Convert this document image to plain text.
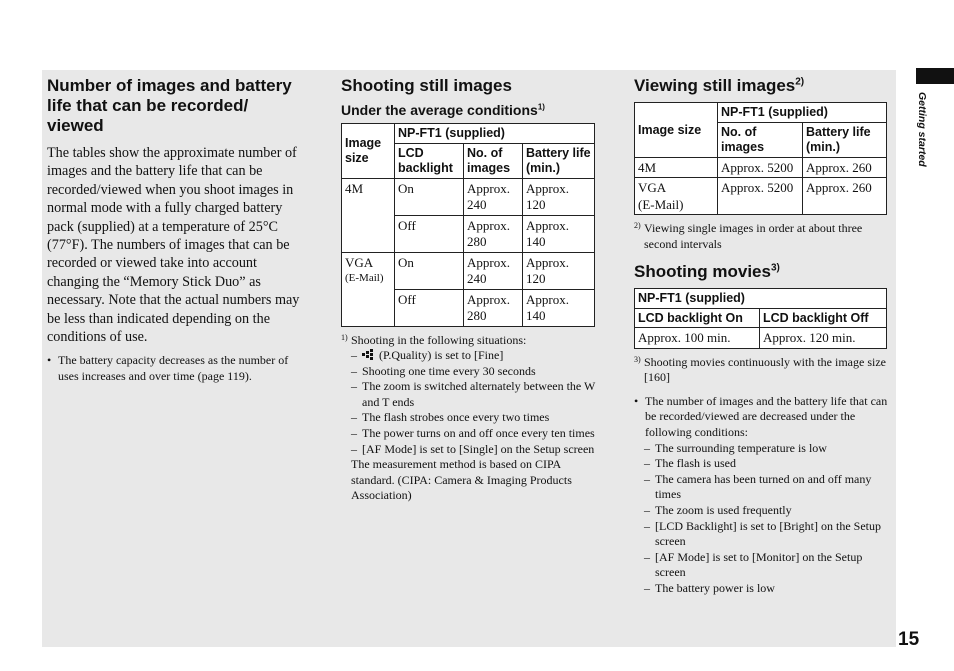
Getting started
15
Number of images and battery life that can be recorded/ viewed

The tables show the approximate number of images and the battery life that can be recorded/viewed when you shoot images in normal mode with a fully charged battery pack (supplied) at a temperature of 25°C (77°F). The numbers of images that can be recorded or viewed take into account changing the “Memory Stick Duo” as necessary. Note that the actual numbers may be less than indicated depending on the conditions of use.

• The battery capacity decreases as the number of uses increases and over time (page 119).

Shooting still images
Under the average conditions$^{1)}$
Image size	NP-FT1 (supplied)		
	LCD backlight	No. of images	Battery life (min.)
4M	On	Approx. 240	Approx. 120
	Off	Approx. 280	Approx. 140

VGA
(E-Mail)	On	Approx. 240	Approx. 120
	Off	Approx. 280	Approx. 140

1) Shooting in the following situations:

– (P.Quality) is set to [Fine]

– Shooting one time every 30 seconds

– The zoom is switched alternately between the W and T ends

– The flash strobes once every two times

– The power turns on and off once every ten times

– [AF Mode] is set to [Single] on the Setup screen

The measurement method is based on CIPA standard. (CIPA: Camera & Imaging Products Association)

Viewing still images$^{2)}$
Image size	NP-FT1 (supplied)	
	No. of images	Battery life (min.)
4M	Approx. 5200	Approx. 260

VGA
(E-Mail)	Approx. 5200	Approx. 260

2) Viewing single images in order at about three second intervals

Shooting movies$^{3)}$
NP-FT1 (supplied)	
LCD backlight On	LCD backlight Off
Approx. 100 min.	Approx. 120 min.

3) Shooting movies continuously with the image size [160]

• The number of images and the battery life that can be recorded/viewed are decreased under the following conditions:

– The surrounding temperature is low

– The flash is used

– The camera has been turned on and off many times

– The zoom is used frequently

– [LCD Backlight] is set to [Bright] on the Setup screen

– [AF Mode] is set to [Monitor] on the Setup screen

– The battery power is low
